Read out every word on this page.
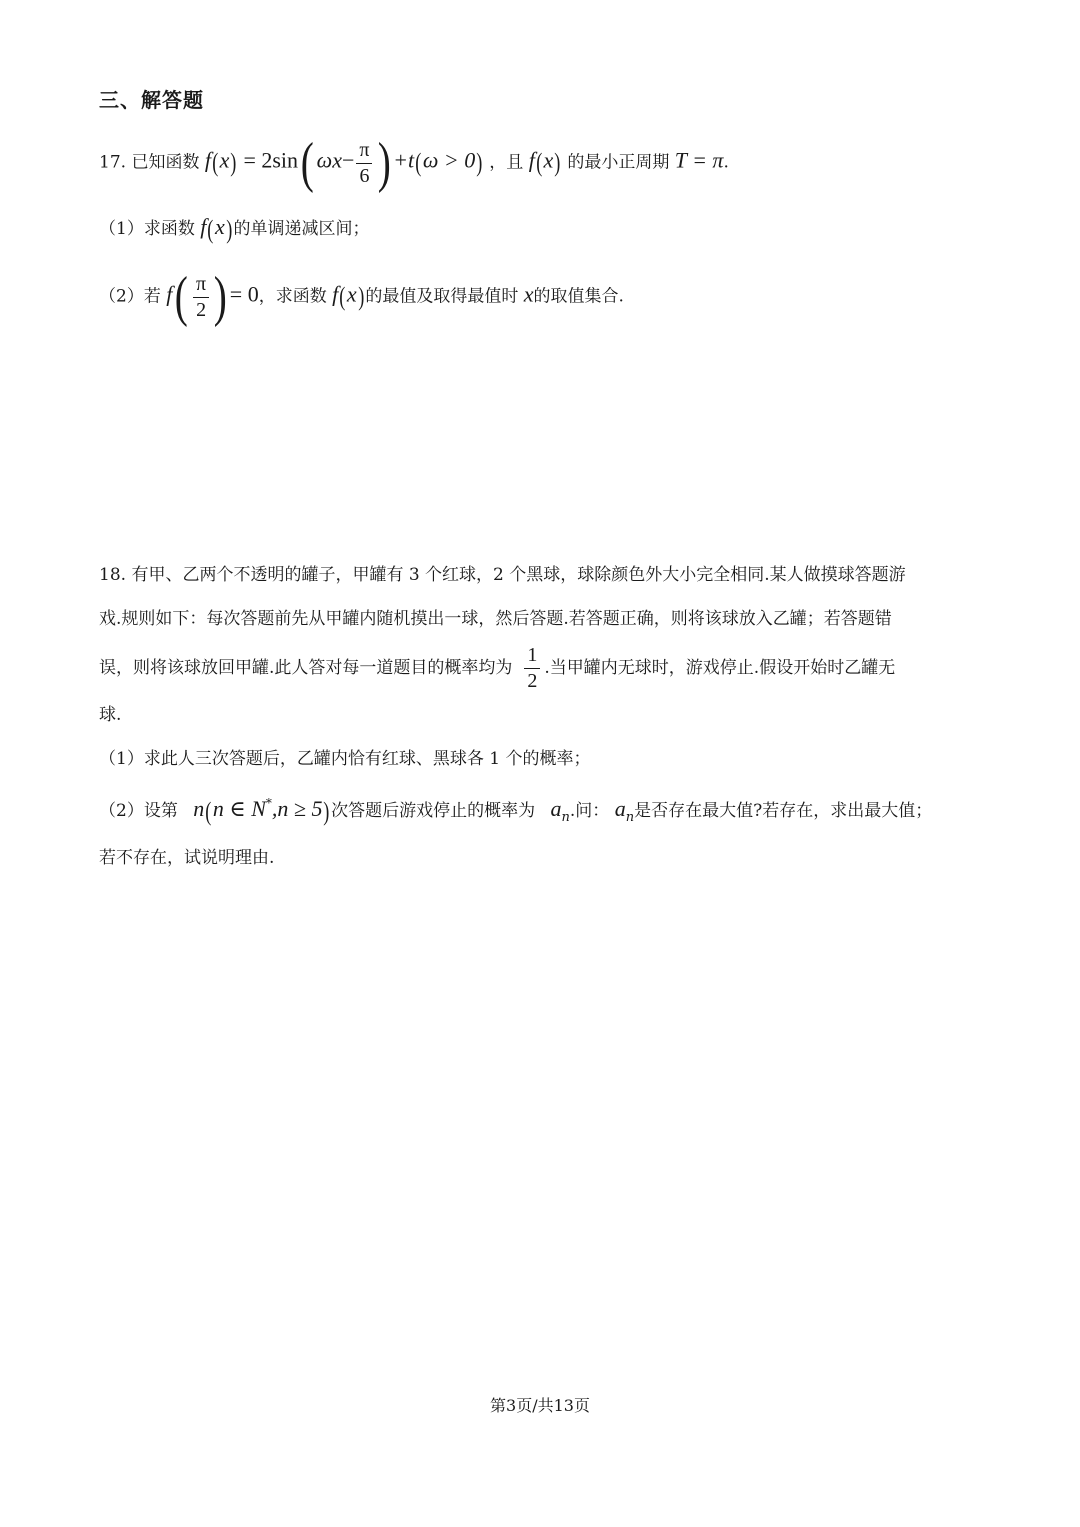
三、解答题
17. 已知函数 f(x) = 2sin( $\omega x- \frac{\pi}{6}$ ) +t(ω > 0) ，且 f(x) 的最小正周期 T = π.
（1）求函数 f(x)的单调递减区间；
（2）若 $f( \frac{\pi}{2}$ ) = 0，求函数 f(x)的最值及取得最值时 x的取值集合.
18. 有甲、乙两个不透明的罐子，甲罐有 3 个红球，2 个黑球，球除颜色外大小完全相同.某人做摸球答题游
戏.规则如下：每次答题前先从甲罐内随机摸出一球，然后答题.若答题正确，则将该球放入乙罐；若答题错
误，则将该球放回甲罐.此人答对每一道题目的概率均为 $\frac{1}{2}$ .当甲罐内无球时，游戏停止.假设开始时乙罐无
球.
（1）求此人三次答题后，乙罐内恰有红球、黑球各 1 个的概率；
（2）设第 n(n ∈ N*,n ≥ 5)次答题后游戏停止的概率为 $a_n$.问： $a_n$是否存在最大值?若存在，求出最大值；
若不存在，试说明理由.
第3页/共13页
